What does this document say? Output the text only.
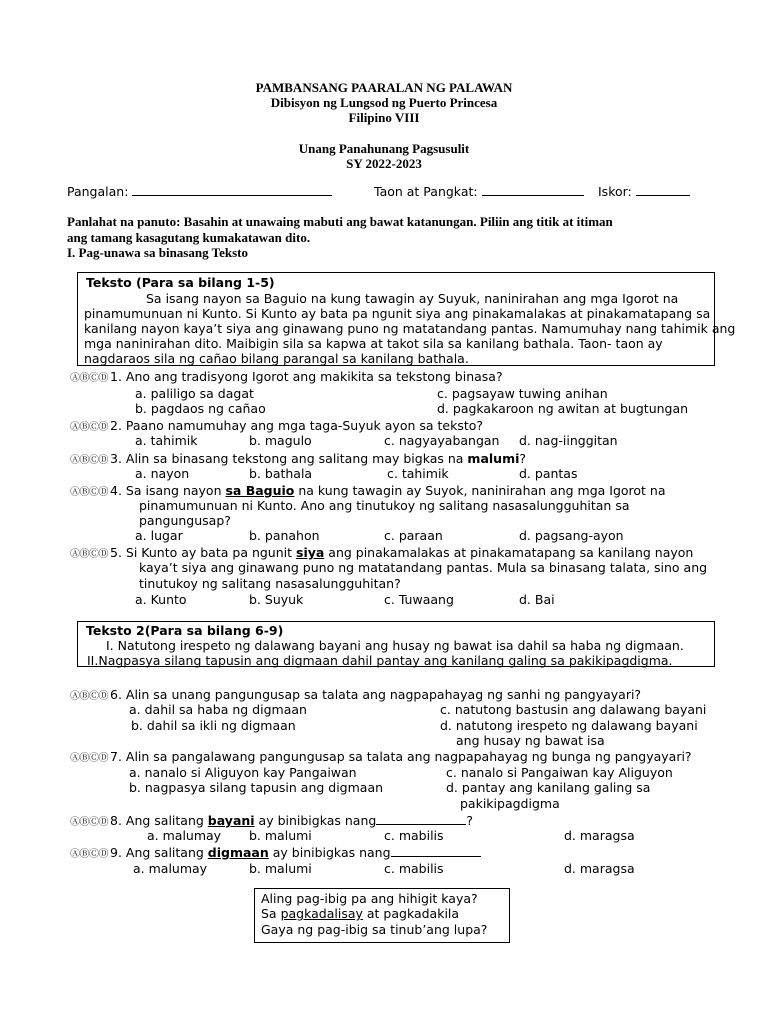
PAMBANSANG PAARALAN NG PALAWAN
Dibisyon ng Lungsod ng Puerto Princesa
Filipino VIII
Unang Panahunang Pagsusulit
SY 2022-2023
Pangalan:	Taon at Pangkat:	Iskor:
Panlahat na panuto: Basahin at unawaing mabuti ang bawat katanungan. Piliin ang titik at itiman
ang tamang kasagutang kumakatawan dito.
I. Pag-unawa sa binasang Teksto
Teksto (Para sa bilang 1-5)
Sa isang nayon sa Baguio na kung tawagin ay Suyuk, naninirahan ang mga Igorot na
pinamumunuan ni Kunto. Si Kunto ay bata pa ngunit siya ang pinakamalakas at pinakamatapang sa
kanilang nayon kaya’t siya ang ginawang puno ng matatandang pantas. Namumuhay nang tahimik ang
mga naninirahan dito. Maibigin sila sa kapwa at takot sila sa kanilang bathala. Taon- taon ay
nagdaraos sila ng cañao bilang parangal sa kanilang bathala.
ⒶⒷⒸⒹ 1. Ano ang tradisyong Igorot ang makikita sa tekstong binasa?
a. paliligo sa dagat
b. pagdaos ng cañao
c. pagsayaw tuwing anihan
d. pagkakaroon ng awitan at bugtungan
ⒶⒷⒸⒹ 2. Paano namumuhay ang mga taga-Suyuk ayon sa teksto?
a. tahimik	b. magulo	c. nagyayabangan d. nag-iinggitan
ⒶⒷⒸⒹ 3. Alin sa binasang tekstong ang salitang may bigkas na malumi?
a. nayon	b. bathala	c. tahimik	d. pantas
ⒶⒷⒸⒹ 4. Sa isang nayon sa Baguio na kung tawagin ay Suyok, naninirahan ang mga Igorot na
pinamumunuan ni Kunto. Ano ang tinutukoy ng salitang nasasalungguhitan sa
pangungusap?
a. lugar	b. panahon	c. paraan	d. pagsang-ayon
ⒶⒷⒸⒹ 5. Si Kunto ay bata pa ngunit siya ang pinakamalakas at pinakamatapang sa kanilang nayon
kaya’t siya ang ginawang puno ng matatandang pantas. Mula sa binasang talata, sino ang
tinutukoy ng salitang nasasalungguhitan?
a. Kunto	b. Suyuk	c. Tuwaang	d. Bai
Teksto 2(Para sa bilang 6-9)
I. Natutong irespeto ng dalawang bayani ang husay ng bawat isa dahil sa haba ng digmaan.
II.Nagpasya silang tapusin ang digmaan dahil pantay ang kanilang galing sa pakikipagdigma.
ⒶⒷⒸⒹ 6. Alin sa unang pangungusap sa talata ang nagpapahayag ng sanhi ng pangyayari?
a. dahil sa haba ng digmaan
b. dahil sa ikli ng digmaan
c. natutong bastusin ang dalawang bayani
d. natutong irespeto ng dalawang bayani
ang husay ng bawat isa
ⒶⒷⒸⒹ 7. Alin sa pangalawang pangungusap sa talata ang nagpapahayag ng bunga ng pangyayari?
a. nanalo si Aliguyon kay Pangaiwan
b. nagpasya silang tapusin ang digmaan
c. nanalo si Pangaiwan kay Aliguyon
d. pantay ang kanilang galing sa
pakikipagdigma
ⒶⒷⒸⒹ 8. Ang salitang bayani ay binibigkas nang	?
a. malumay b. malumi	c. mabilis	d. maragsa
ⒶⒷⒸⒹ 9. Ang salitang digmaan ay binibigkas nang
a. malumay	b. malumi	c. mabilis	d. maragsa
Aling pag-ibig pa ang hihigit kaya?
Sa pagkadalisay at pagkadakila
Gaya ng pag-ibig sa tinub’ang lupa?
